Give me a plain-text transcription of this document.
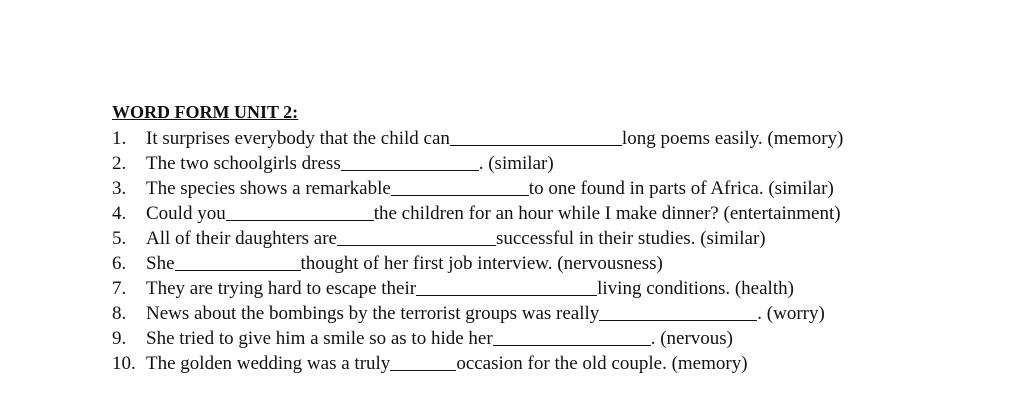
WORD FORM UNIT 2:
1.	It surprises everybody that the child can	long poems easily. (memory)
2.	The two schoolgirls dress	. (similar)
3.	The species shows a remarkable	to one found in parts of Africa. (similar)
4.	Could you	the children for an hour while I make dinner? (entertainment)
5.	All of their daughters are	successful in their studies. (similar)
6.	She	thought of her first job interview. (nervousness)
7.	They are trying hard to escape their	living conditions. (health)
8.	News about the bombings by the terrorist groups was really	. (worry)
9.	She tried to give him a smile so as to hide her	. (nervous)
10. The golden wedding was a truly	occasion for the old couple. (memory)
